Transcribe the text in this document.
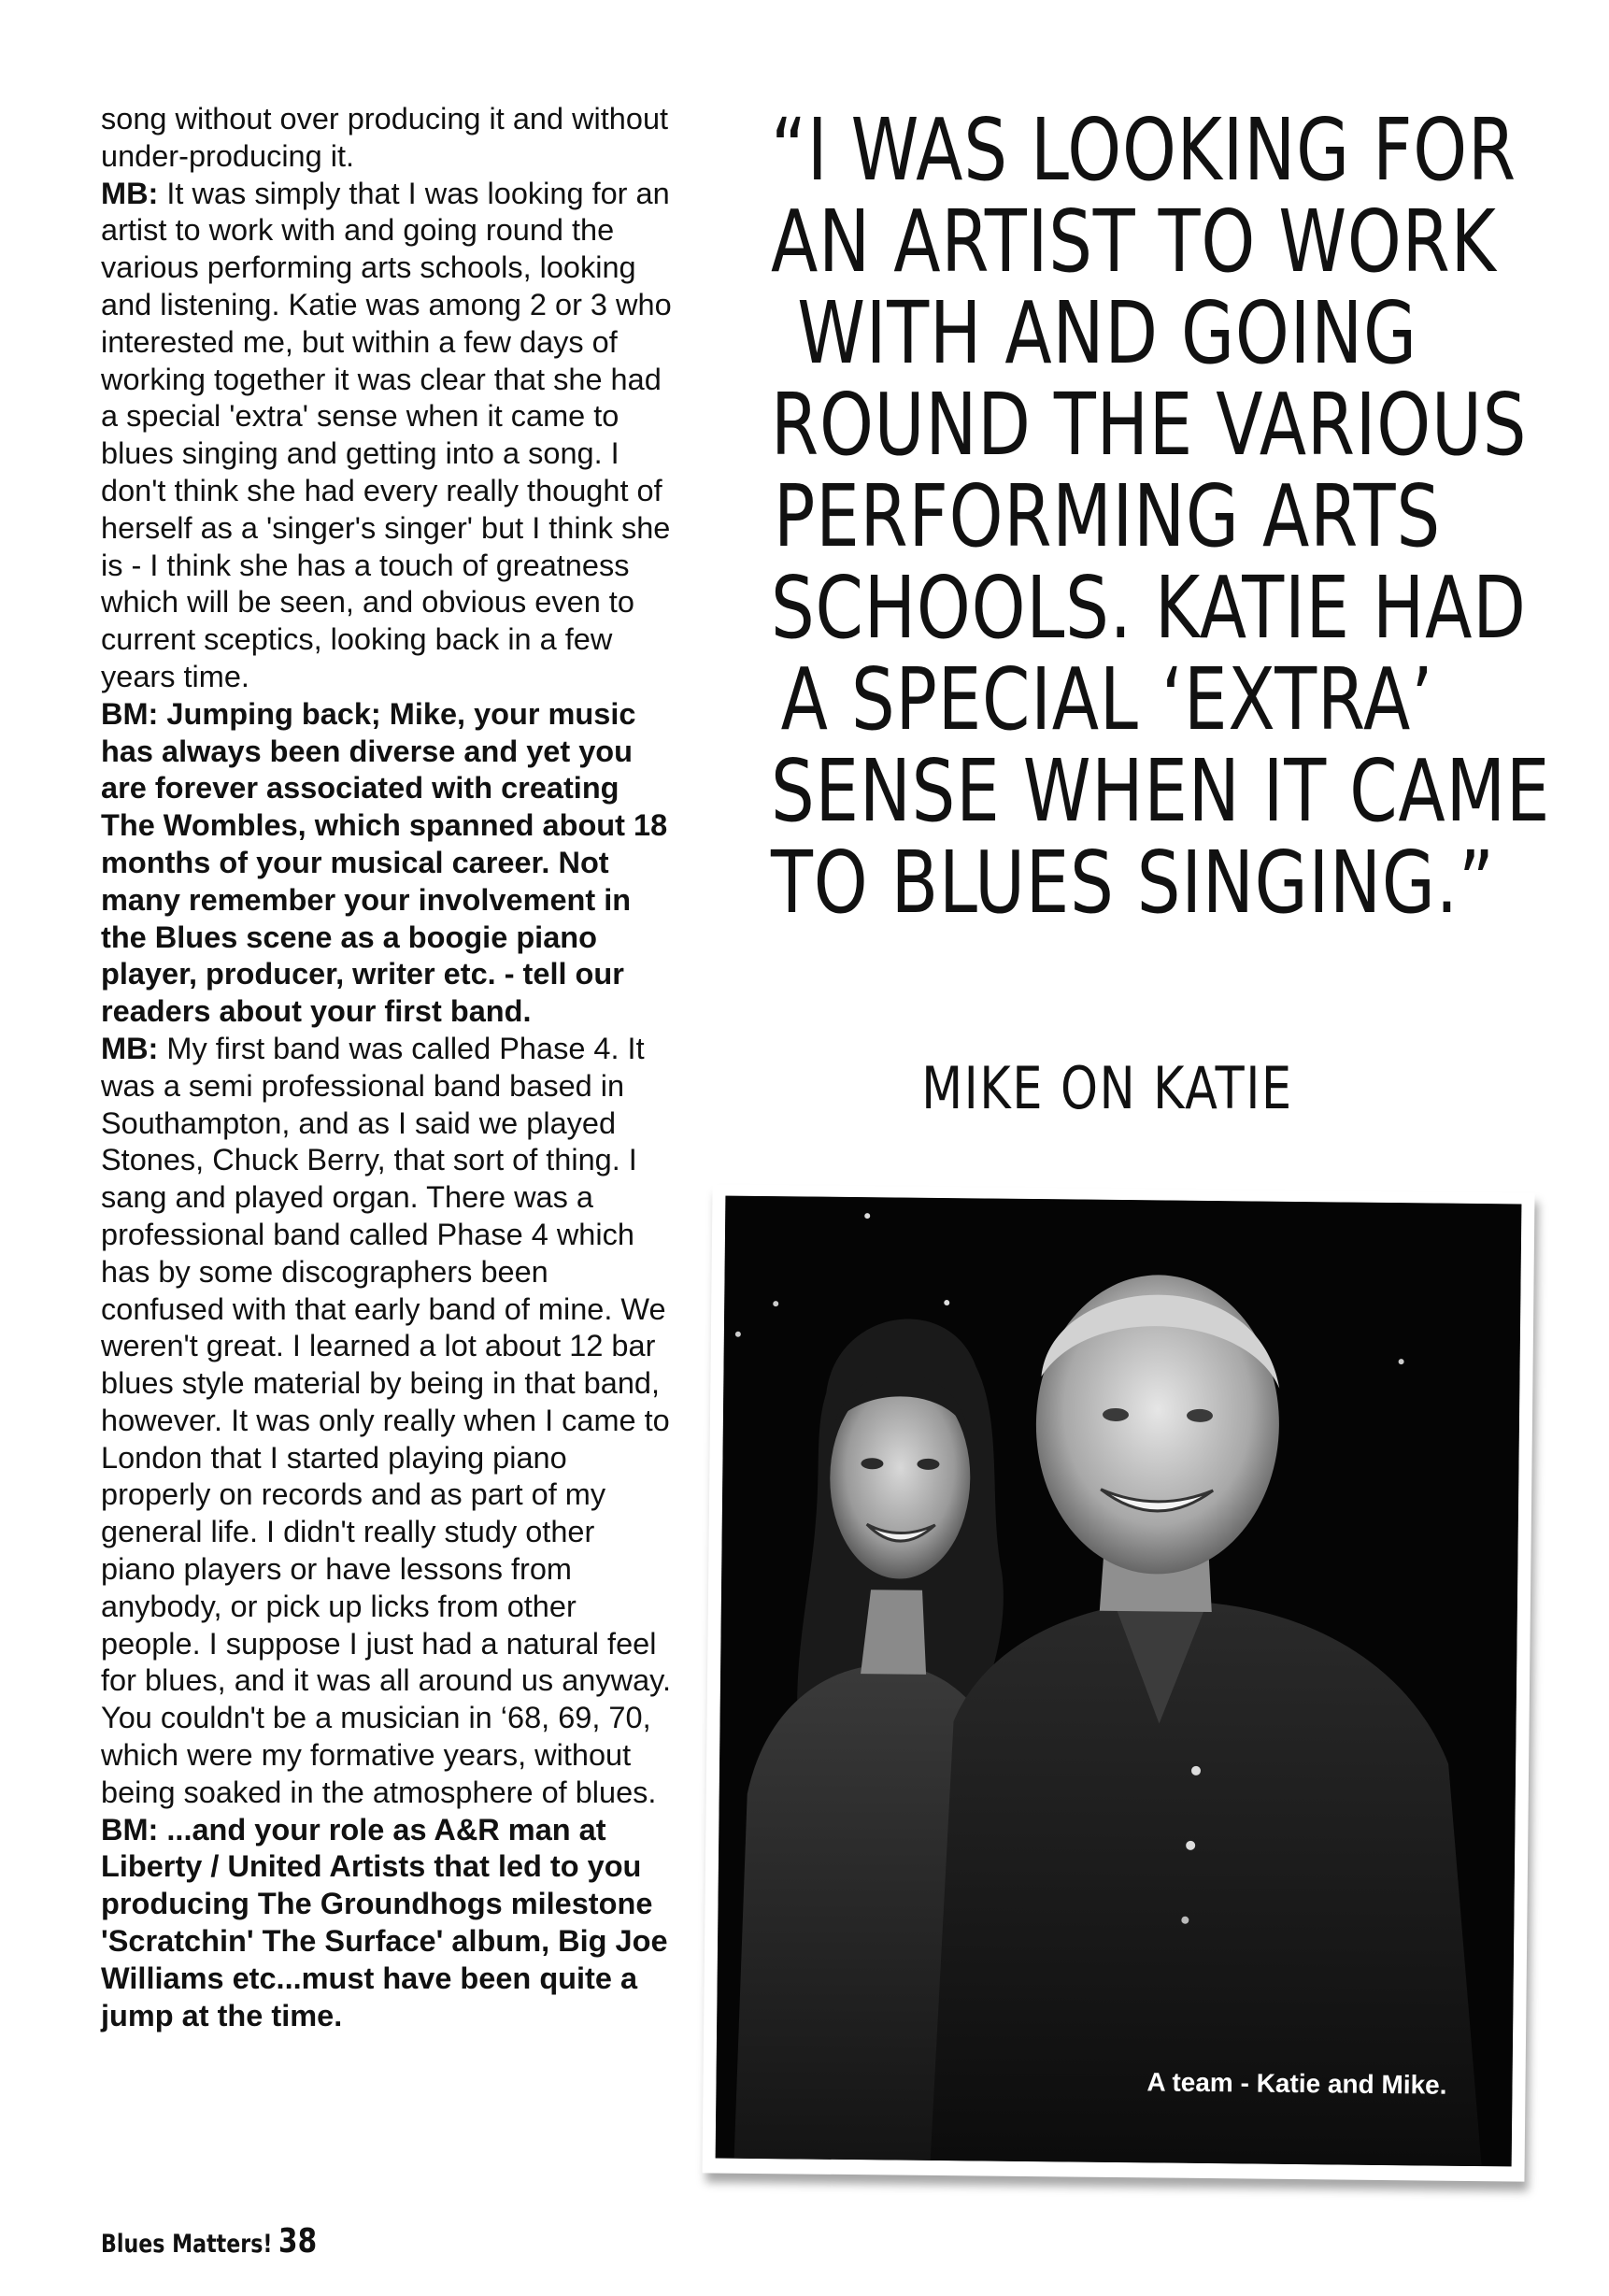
song without over producing it and without under-producing it.

MB: It was simply that I was looking for an artist to work with and going round the various performing arts schools, looking and listening. Katie was among 2 or 3 who interested me, but within a few days of working together it was clear that she had a special 'extra' sense when it came to blues singing and getting into a song. I don't think she had every really thought of herself as a 'singer's singer' but I think she is - I think she has a touch of greatness which will be seen, and obvious even to current sceptics, looking back in a few years time.

BM: Jumping back; Mike, your music has always been diverse and yet you are forever associated with creating The Wombles, which spanned about 18 months of your musical career. Not many remember your involvement in the Blues scene as a boogie piano player, producer, writer etc. - tell our readers about your first band.

MB: My first band was called Phase 4. It was a semi professional band based in Southampton, and as I said we played Stones, Chuck Berry, that sort of thing. I sang and played organ. There was a professional band called Phase 4 which has by some discographers been confused with that early band of mine. We weren't great. I learned a lot about 12 bar blues style material by being in that band, however. It was only really when I came to London that I started playing piano properly on records and as part of my general life. I didn't really study other piano players or have lessons from anybody, or pick up licks from other people. I suppose I just had a natural feel for blues, and it was all around us anyway. You couldn't be a musician in ‘68, 69, 70, which were my formative years, without being soaked in the atmosphere of blues.

BM: ...and your role as A&R man at Liberty / United Artists that led to you producing The Groundhogs milestone 'Scratchin' The Surface' album, Big Joe Williams etc...must have been quite a jump at the time.

“I WAS LOOKING FOR
AN ARTIST TO WORK
WITH AND GOING
ROUND THE VARIOUS
PERFORMING ARTS
SCHOOLS. KATIE HAD
A SPECIAL ‘EXTRA’
SENSE WHEN IT CAME
TO BLUES SINGING.”
MIKE ON KATIE
A team - Katie and Mike.
Blues Matters! 38
